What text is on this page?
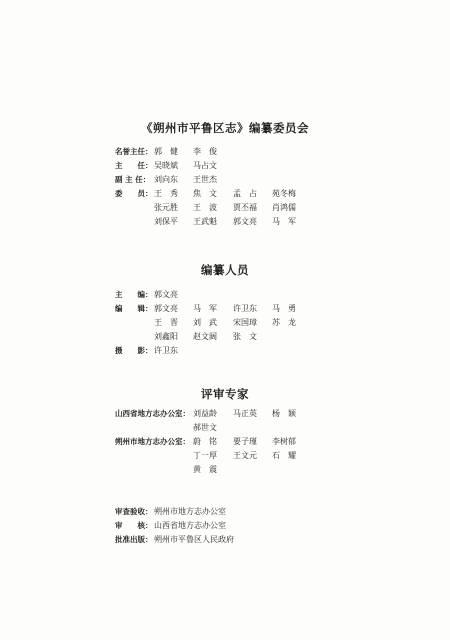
《朔州市平鲁区志》编纂委员会
名誉主任： 郭　健 李　俊
主　　任： 吴晓斌 马占文
副 主 任： 刘向东 王世杰
委　　员： 王　秀 焦　文 孟　占 苑冬梅
张元胜 王　波 贾丕福 肖鸿儒
刘保平 王武魁 郭文亮 马　军
编纂人员
主　　编： 郭文亮
编　　辑： 郭文亮 马　军 许卫东 马　勇
王　晋 刘　武 宋国璋 苏　龙
刘鑫阳 赵文阔 张　文
摄　　影： 许卫东
评审专家
山西省地方志办公室： 刘益龄 马正英 杨　颖
郝世文
朔州市地方志办公室： 蔚　铭 要子瑾 李树郁
丁一厚 王文元 石　耀
黄　震
审查验收： 朔州市地方志办公室
审　　核： 山西省地方志办公室
批准出版： 朔州市平鲁区人民政府
